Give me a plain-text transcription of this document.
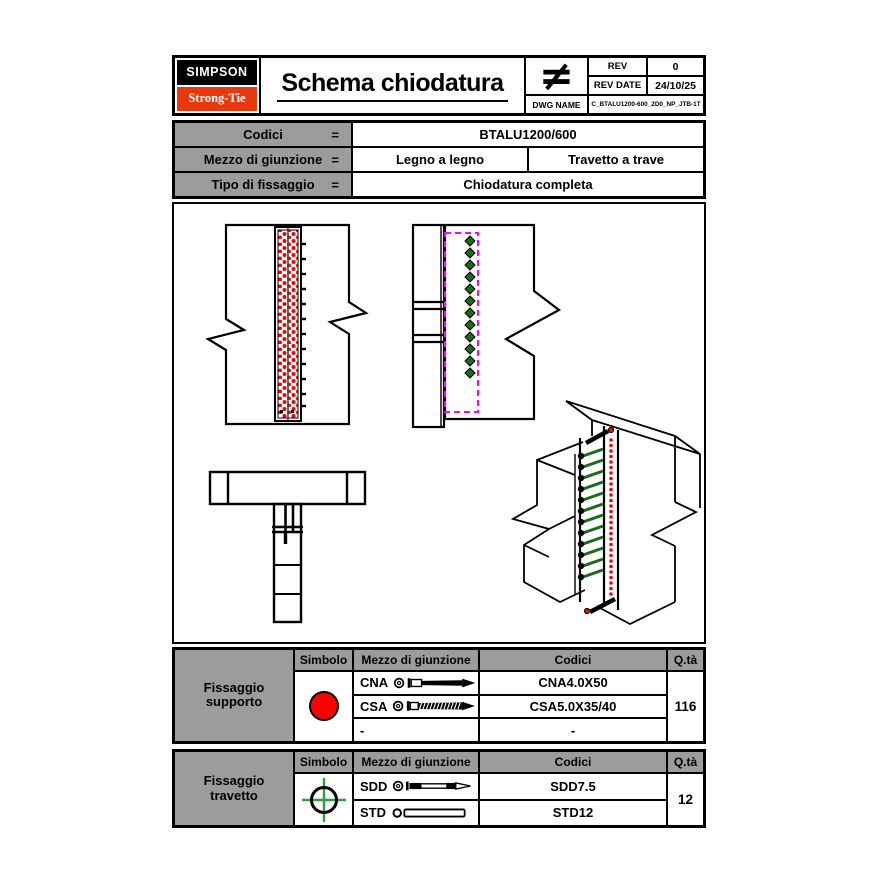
SIMPSON
Strong-Tie
Schema chiodatura ≠	REV	0
REV DATE	24/10/25
DWG NAME	C_BTALU1200-600_2D0_NP_JTB-1T
Codici	=	BTALU1200/600
Mezzo di giunzione =	Legno a legno	Travetto a trave
Tipo di fissaggio =	Chiodatura completa
Fissaggio
supporto
Simbolo	Mezzo di giunzione	Codici	Q.tà
CNA	CNA4.0X50
CSA	CSA5.0X35/40
-	-
116
Fissaggio
travetto
Simbolo	Mezzo di giunzione	Codici	Q.tà
SDD	SDD7.5
STD	STD12
12
